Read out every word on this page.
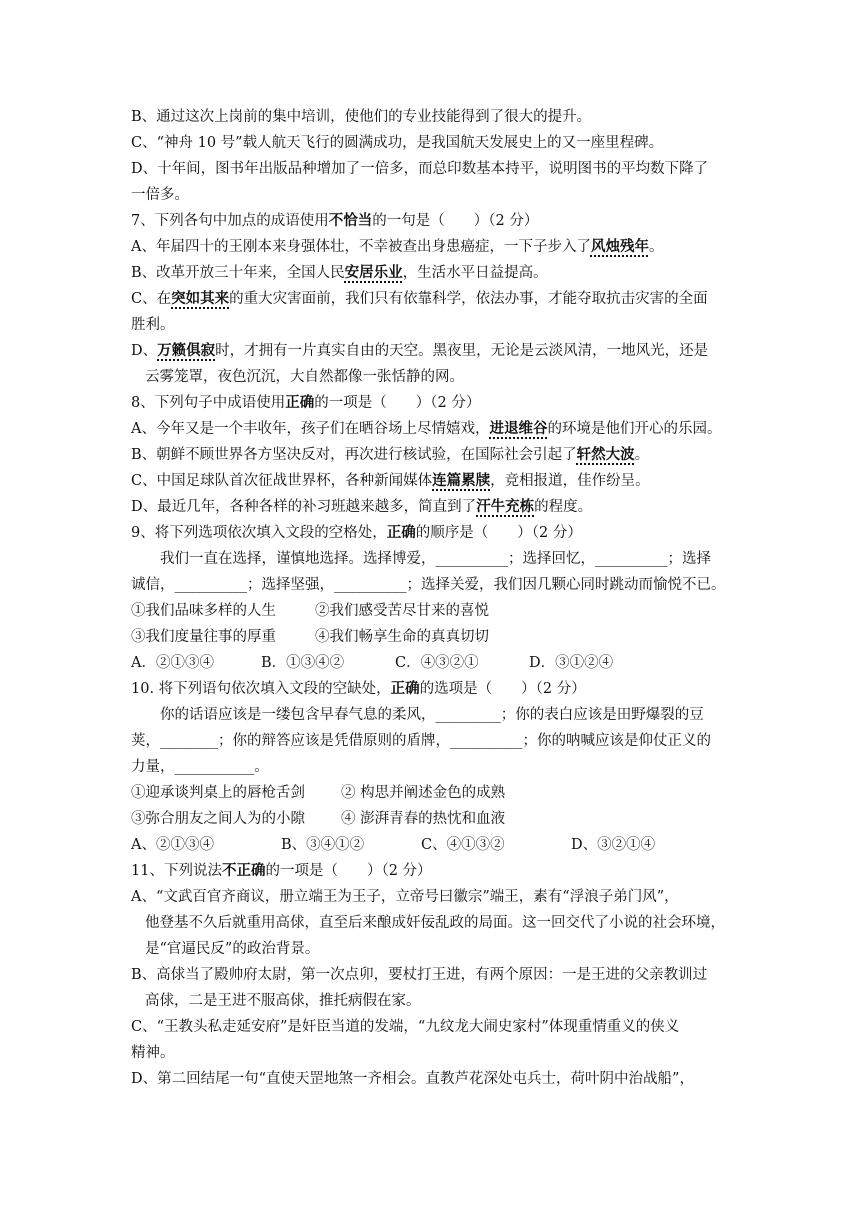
B、通过这次上岗前的集中培训，使他们的专业技能得到了很大的提升。
C、“神舟 10 号”载人航天飞行的圆满成功，是我国航天发展史上的又一座里程碑。
D、十年间，图书年出版品种增加了一倍多，而总印数基本持平，说明图书的平均数下降了
一倍多。
7、下列各句中加点的成语使用不恰当的一句是（　　）（2 分）
A、年届四十的王刚本来身强体壮，不幸被查出身患癌症，一下子步入了风烛残年。
B、改革开放三十年来，全国人民安居乐业，生活水平日益提高。
C、在突如其来的重大灾害面前，我们只有依靠科学，依法办事，才能夺取抗击灾害的全面
胜利。
D、万籁俱寂时，才拥有一片真实自由的天空。黑夜里，无论是云淡风清，一地风光，还是
云雾笼罩，夜色沉沉，大自然都像一张恬静的网。
8、下列句子中成语使用正确的一项是（　　）（2 分）
A、今年又是一个丰收年，孩子们在晒谷场上尽情嬉戏，进退维谷的环境是他们开心的乐园。
B、朝鲜不顾世界各方坚决反对，再次进行核试验，在国际社会引起了轩然大波。
C、中国足球队首次征战世界杯，各种新闻媒体连篇累牍，竞相报道，佳作纷呈。
D、最近几年，各种各样的补习班越来越多，简直到了汗牛充栋的程度。
9、将下列选项依次填入文段的空格处，正确的顺序是（　　）（2 分）
我们一直在选择，谨慎地选择。选择博爱，__________；选择回忆，__________；选择
诚信，__________；选择坚强，__________；选择关爱，我们因几颗心同时跳动而愉悦不已。
①我们品味多样的人生	②我们感受苦尽甘来的喜悦
③我们度量往事的厚重	④我们畅享生命的真真切切
A．②①③④	B．①③④②	C．④③②①	D．③①②④
10. 将下列语句依次填入文段的空缺处，正确的选项是（　　）（2 分）
你的话语应该是一缕包含早春气息的柔风，_________；你的表白应该是田野爆裂的豆
荚，________；你的辩答应该是凭借原则的盾牌，__________；你的呐喊应该是仰仗正义的
力量，___________。
①迎承谈判桌上的唇枪舌剑 ② 构思并阐述金色的成熟
③弥合朋友之间人为的小隙 ④ 澎湃青春的热忱和血液
A、②①③④	B、③④①②	C、④①③②	D、③②①④
11、下列说法不正确的一项是（　　）（2 分）
A、“文武百官齐商议，册立端王为王子，立帝号曰徽宗”端王，素有“浮浪子弟门风”，
他登基不久后就重用高俅，直至后来酿成奸佞乱政的局面。这一回交代了小说的社会环境，
是“官逼民反”的政治背景。
B、高俅当了殿帅府太尉，第一次点卯，要杖打王进，有两个原因：一是王进的父亲教训过
高俅，二是王进不服高俅，推托病假在家。
C、“王教头私走延安府”是奸臣当道的发端，“九纹龙大闹史家村”体现重情重义的侠义
精神。
D、第二回结尾一句“直使天罡地煞一齐相会。直教芦花深处屯兵士，荷叶阴中治战船”，
